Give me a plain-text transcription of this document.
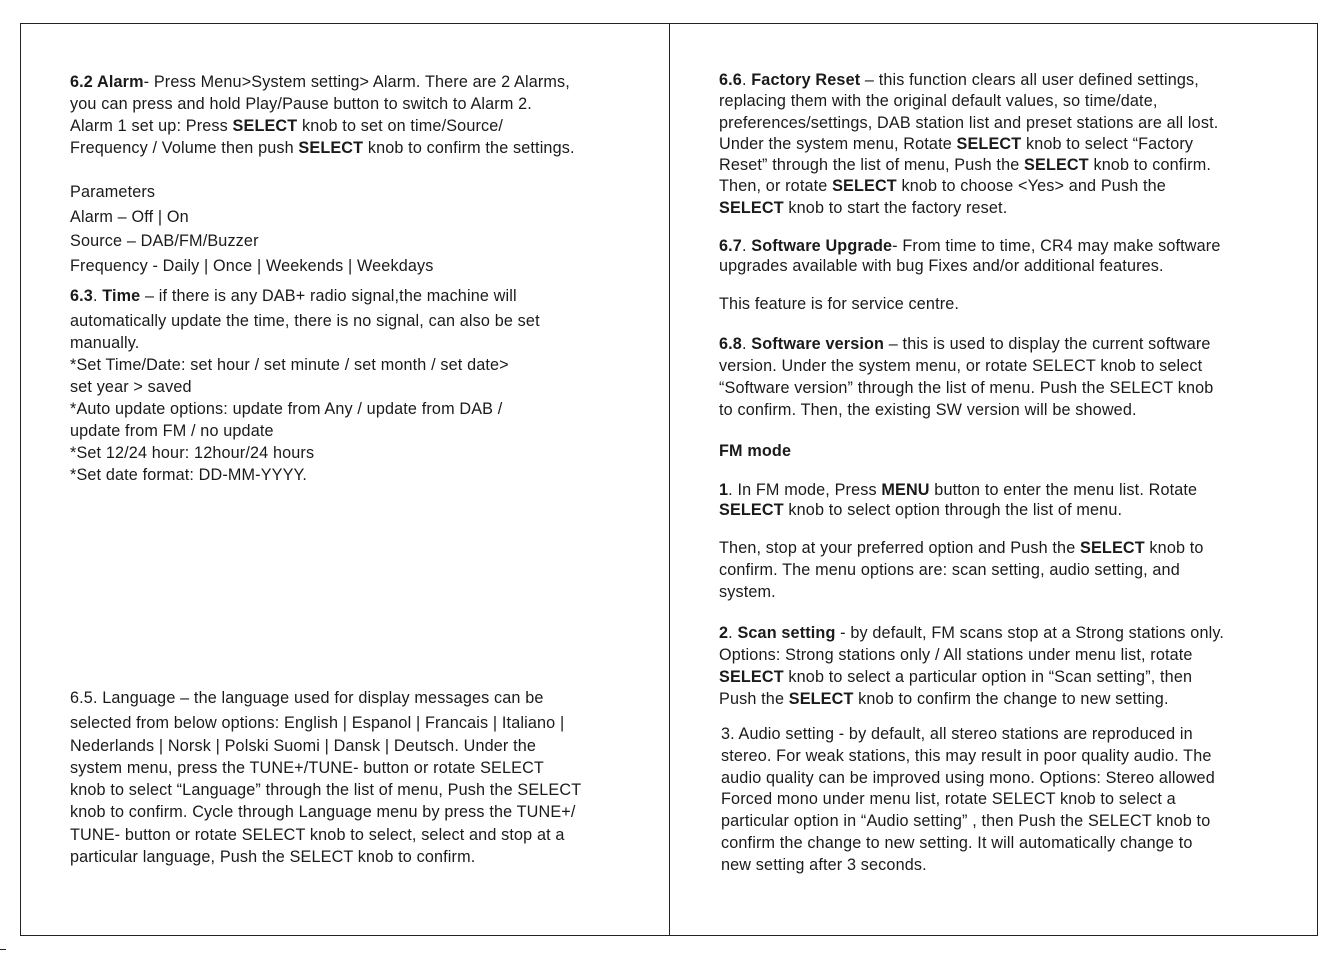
6.2 Alarm- Press Menu>System setting> Alarm. There are 2 Alarms,
you can press and hold Play/Pause button to switch to Alarm 2.
Alarm 1 set up: Press SELECT knob to set on time/Source/
Frequency / Volume then push SELECT knob to confirm the settings.
Parameters
Alarm – Off | On
Source – DAB/FM/Buzzer
Frequency - Daily | Once | Weekends | Weekdays
6.3. Time – if there is any DAB+ radio signal,the machine will
automatically update the time, there is no signal, can also be set
manually.
*Set Time/Date: set hour / set minute / set month / set date>
set year > saved
*Auto update options: update from Any / update from DAB /
update from FM / no update
*Set 12/24 hour: 12hour/24 hours
*Set date format: DD-MM-YYYY.
6.5. Language – the language used for display messages can be
selected from below options: English | Espanol | Francais | Italiano |
Nederlands | Norsk | Polski Suomi | Dansk | Deutsch. Under the
system menu, press the TUNE+/TUNE- button or rotate SELECT
knob to select “Language” through the list of menu, Push the SELECT
knob to confirm. Cycle through Language menu by press the TUNE+/
TUNE- button or rotate SELECT knob to select, select and stop at a
particular language, Push the SELECT knob to confirm.
6.6. Factory Reset – this function clears all user defined settings,
replacing them with the original default values, so time/date,
preferences/settings, DAB station list and preset stations are all lost.
Under the system menu, Rotate SELECT knob to select “Factory
Reset” through the list of menu, Push the SELECT knob to confirm.
Then, or rotate SELECT knob to choose <Yes> and Push the
SELECT knob to start the factory reset.
6.7. Software Upgrade- From time to time, CR4 may make software
upgrades available with bug Fixes and/or additional features.
This feature is for service centre.
6.8. Software version – this is used to display the current software
version. Under the system menu, or rotate SELECT knob to select
“Software version” through the list of menu. Push the SELECT knob
to confirm. Then, the existing SW version will be showed.
FM mode
1. In FM mode, Press MENU button to enter the menu list. Rotate
SELECT knob to select option through the list of menu.
Then, stop at your preferred option and Push the SELECT knob to
confirm. The menu options are: scan setting, audio setting, and
system.
2. Scan setting - by default, FM scans stop at a Strong stations only.
Options: Strong stations only / All stations under menu list, rotate
SELECT knob to select a particular option in “Scan setting”, then
Push the SELECT knob to confirm the change to new setting.
3. Audio setting - by default, all stereo stations are reproduced in
stereo. For weak stations, this may result in poor quality audio. The
audio quality can be improved using mono. Options: Stereo allowed
Forced mono under menu list, rotate SELECT knob to select a
particular option in “Audio setting” , then Push the SELECT knob to
confirm the change to new setting. It will automatically change to
new setting after 3 seconds.
